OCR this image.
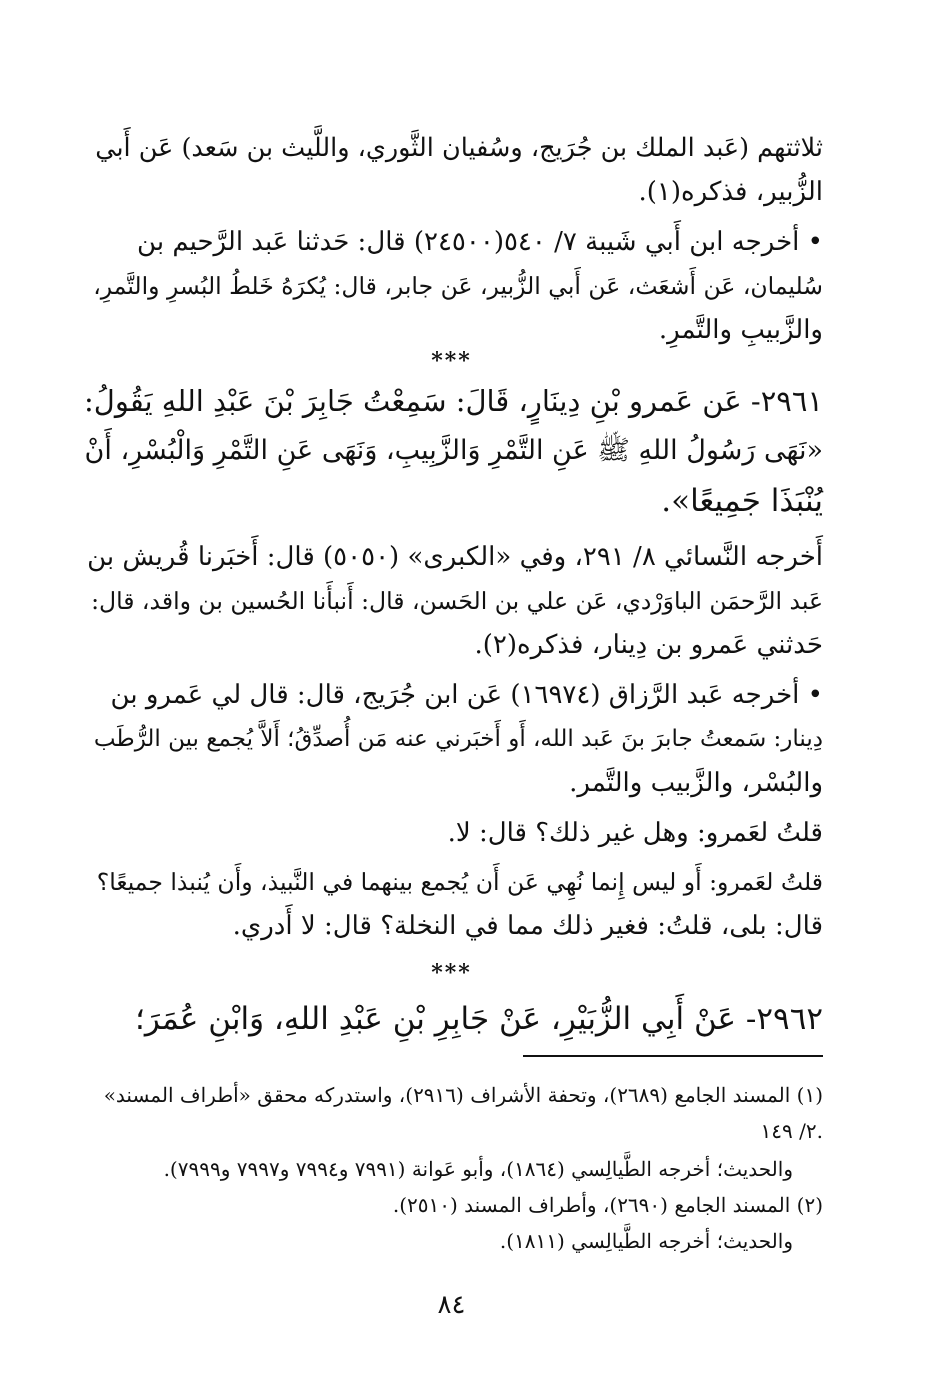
ثلاثتهم (عَبد الملك بن جُرَيج، وسُفيان الثَّوري، واللَّيث بن سَعد) عَن أَبي

الزُّبير، فذكره(١).

• أخرجه ابن أَبي شَيبة ٧/ ٥٤٠(٢٤٥٠٠) قال: حَدثنا عَبد الرَّحيم بن

سُليمان، عَن أَشعَث، عَن أَبي الزُّبير، عَن جابر، قال: يُكرَهُ خَلطُ البُسرِ والتَّمرِ،

والزَّبيبِ والتَّمرِ.

***

٢٩٦١- عَن عَمرو بْنِ دِينَارٍ، قَالَ: سَمِعْتُ جَابِرَ بْنَ عَبْدِ اللهِ يَقُولُ:

«نَهَى رَسُولُ اللهِ ﷺ عَنِ التَّمْرِ وَالزَّبِيبِ، وَنَهَى عَنِ التَّمْرِ وَالْبُسْرِ، أَنْ

يُنْبَذَا جَمِيعًا».

أَخرجه النَّسائي ٨/ ٢٩١، وفي «الكبرى» (٥٠٥٠) قال: أَخبَرنا قُريش بن

عَبد الرَّحمَن الباوَرْدي، عَن علي بن الحَسن، قال: أَنبأَنا الحُسين بن واقد، قال:

حَدثني عَمرو بن دِينار، فذكره(٢).

• أخرجه عَبد الرَّزاق (١٦٩٧٤) عَن ابن جُرَيج، قال: قال لي عَمرو بن

دِينار: سَمعتُ جابرَ بنَ عَبد الله، أَو أَخبَرني عنه مَن أُصدِّقُ؛ أَلاَّ يُجمع بين الرُّطَب

والبُسْر، والزَّبيب والتَّمر.

قلتُ لعَمرو: وهل غير ذلك؟ قال: لا.

قلتُ لعَمرو: أَو ليس إِنما نُهِي عَن أَن يُجمع بينهما في النَّبيذ، وأَن يُنبذا جميعًا؟

قال: بلى، قلتُ: فغير ذلك مما في النخلة؟ قال: لا أَدري.

***

٢٩٦٢- عَنْ أَبِي الزُّبَيْرِ، عَنْ جَابِرِ بْنِ عَبْدِ اللهِ، وَابْنِ عُمَرَ؛

(١) المسند الجامع (٢٦٨٩)، وتحفة الأشراف (٢٩١٦)، واستدركه محقق «أطراف المسند»

٢/ ١٤٩.

والحديث؛ أخرجه الطَّيالِسي (١٨٦٤)، وأبو عَوانة (٧٩٩١ و٧٩٩٤ و٧٩٩٧ و٧٩٩٩).

(٢) المسند الجامع (٢٦٩٠)، وأطراف المسند (٢٥١٠).

والحديث؛ أخرجه الطَّيالِسي (١٨١١).

٨٤
